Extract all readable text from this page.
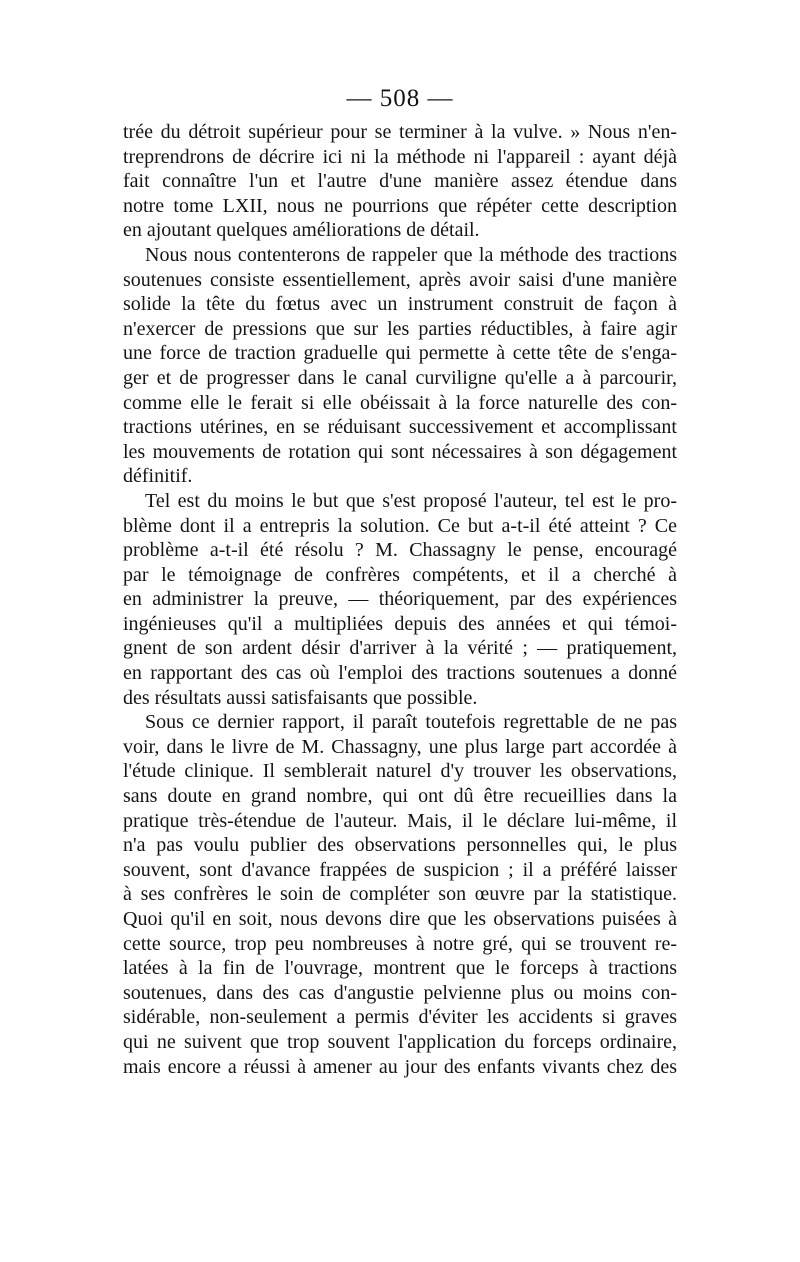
— 508 —
trée du détroit supérieur pour se terminer à la vulve. » Nous n'en-
treprendrons de décrire ici ni la méthode ni l'appareil : ayant déjà
fait connaître l'un et l'autre d'une manière assez étendue dans
notre tome LXII, nous ne pourrions que répéter cette description
en ajoutant quelques améliorations de détail.
Nous nous contenterons de rappeler que la méthode des tractions
soutenues consiste essentiellement, après avoir saisi d'une manière
solide la tête du fœtus avec un instrument construit de façon à
n'exercer de pressions que sur les parties réductibles, à faire agir
une force de traction graduelle qui permette à cette tête de s'enga-
ger et de progresser dans le canal curviligne qu'elle a à parcourir,
comme elle le ferait si elle obéissait à la force naturelle des con-
tractions utérines, en se réduisant successivement et accomplissant
les mouvements de rotation qui sont nécessaires à son dégagement
définitif.
Tel est du moins le but que s'est proposé l'auteur, tel est le pro-
blème dont il a entrepris la solution. Ce but a-t-il été atteint ? Ce
problème a-t-il été résolu ? M. Chassagny le pense, encouragé
par le témoignage de confrères compétents, et il a cherché à
en administrer la preuve, — théoriquement, par des expériences
ingénieuses qu'il a multipliées depuis des années et qui témoi-
gnent de son ardent désir d'arriver à la vérité ; — pratiquement,
en rapportant des cas où l'emploi des tractions soutenues a donné
des résultats aussi satisfaisants que possible.
Sous ce dernier rapport, il paraît toutefois regrettable de ne pas
voir, dans le livre de M. Chassagny, une plus large part accordée à
l'étude clinique. Il semblerait naturel d'y trouver les observations,
sans doute en grand nombre, qui ont dû être recueillies dans la
pratique très-étendue de l'auteur. Mais, il le déclare lui-même, il
n'a pas voulu publier des observations personnelles qui, le plus
souvent, sont d'avance frappées de suspicion ; il a préféré laisser
à ses confrères le soin de compléter son œuvre par la statistique.
Quoi qu'il en soit, nous devons dire que les observations puisées à
cette source, trop peu nombreuses à notre gré, qui se trouvent re-
latées à la fin de l'ouvrage, montrent que le forceps à tractions
soutenues, dans des cas d'angustie pelvienne plus ou moins con-
sidérable, non-seulement a permis d'éviter les accidents si graves
qui ne suivent que trop souvent l'application du forceps ordinaire,
mais encore a réussi à amener au jour des enfants vivants chez des
